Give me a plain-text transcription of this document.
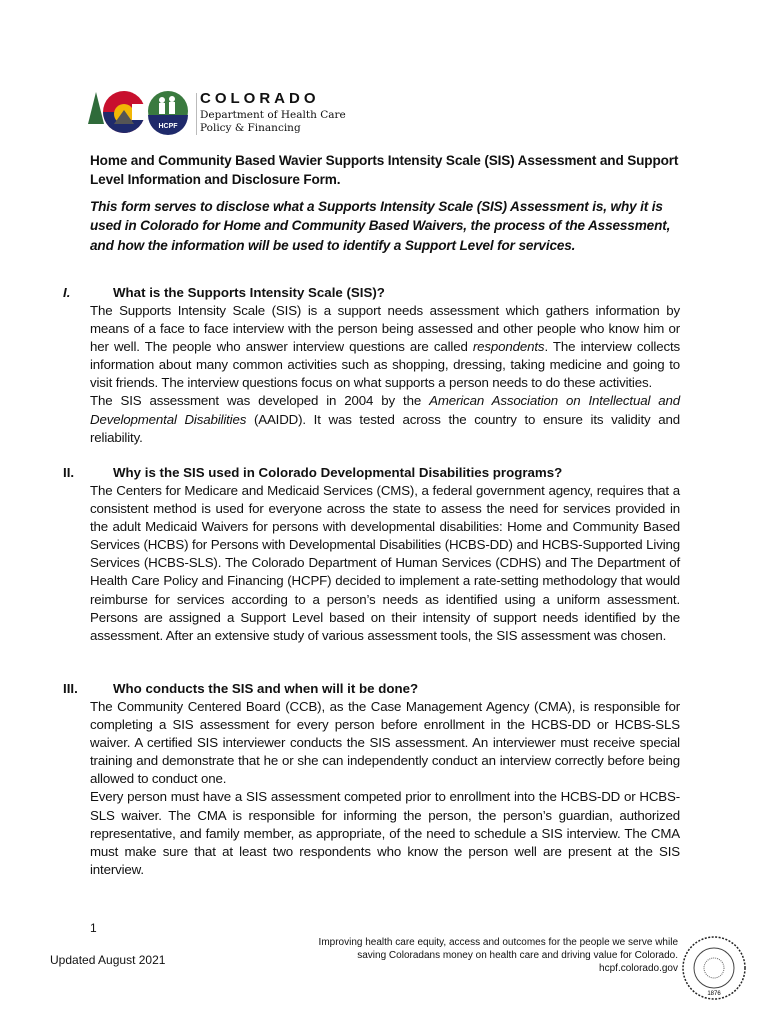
HCPF
COLORADO
Department of Health Care
Policy & Financing
Home and Community Based Wavier Supports Intensity Scale (SIS) Assessment and Support Level Information and Disclosure Form.
This form serves to disclose what a Supports Intensity Scale (SIS) Assessment is, why it is used in Colorado for Home and Community Based Waivers, the process of the Assessment, and how the information will be used to identify a Support Level for services.
I.	What is the Supports Intensity Scale (SIS)?

The Supports Intensity Scale (SIS) is a support needs assessment which gathers information by means of a face to face interview with the person being assessed and other people who know him or her well. The people who answer interview questions are called respondents. The interview collects information about many common activities such as shopping, dressing, taking medicine and going to visit friends. The interview questions focus on what supports a person needs to do these activities.

The SIS assessment was developed in 2004 by the American Association on Intellectual and Developmental Disabilities (AAIDD). It was tested across the country to ensure its validity and reliability.

II.	Why is the SIS used in Colorado Developmental Disabilities programs?

The Centers for Medicare and Medicaid Services (CMS), a federal government agency, requires that a consistent method is used for everyone across the state to assess the need for services provided in the adult Medicaid Waivers for persons with developmental disabilities: Home and Community Based Services (HCBS) for Persons with Developmental Disabilities (HCBS-DD) and HCBS-Supported Living Services (HCBS-SLS). The Colorado Department of Human Services (CDHS) and The Department of Health Care Policy and Financing (HCPF) decided to implement a rate-setting methodology that would reimburse for services according to a person’s needs as identified using a uniform assessment. Persons are assigned a Support Level based on their intensity of support needs identified by the assessment. After an extensive study of various assessment tools, the SIS assessment was chosen.

III.	Who conducts the SIS and when will it be done?

The Community Centered Board (CCB), as the Case Management Agency (CMA), is responsible for completing a SIS assessment for every person before enrollment in the HCBS-DD or HCBS-SLS waiver. A certified SIS interviewer conducts the SIS assessment. An interviewer must receive special training and demonstrate that he or she can independently conduct an interview correctly before being allowed to conduct one.

Every person must have a SIS assessment competed prior to enrollment into the HCBS-DD or HCBS-SLS waiver. The CMA is responsible for informing the person, the person’s guardian, authorized representative, and family member, as appropriate, of the need to schedule a SIS interview. The CMA must make sure that at least two respondents who know the person well are present at the SIS interview.

1
Updated August 2021
Improving health care equity, access and outcomes for the people we serve while
saving Coloradans money on health care and driving value for Colorado.
hcpf.colorado.gov
1876
